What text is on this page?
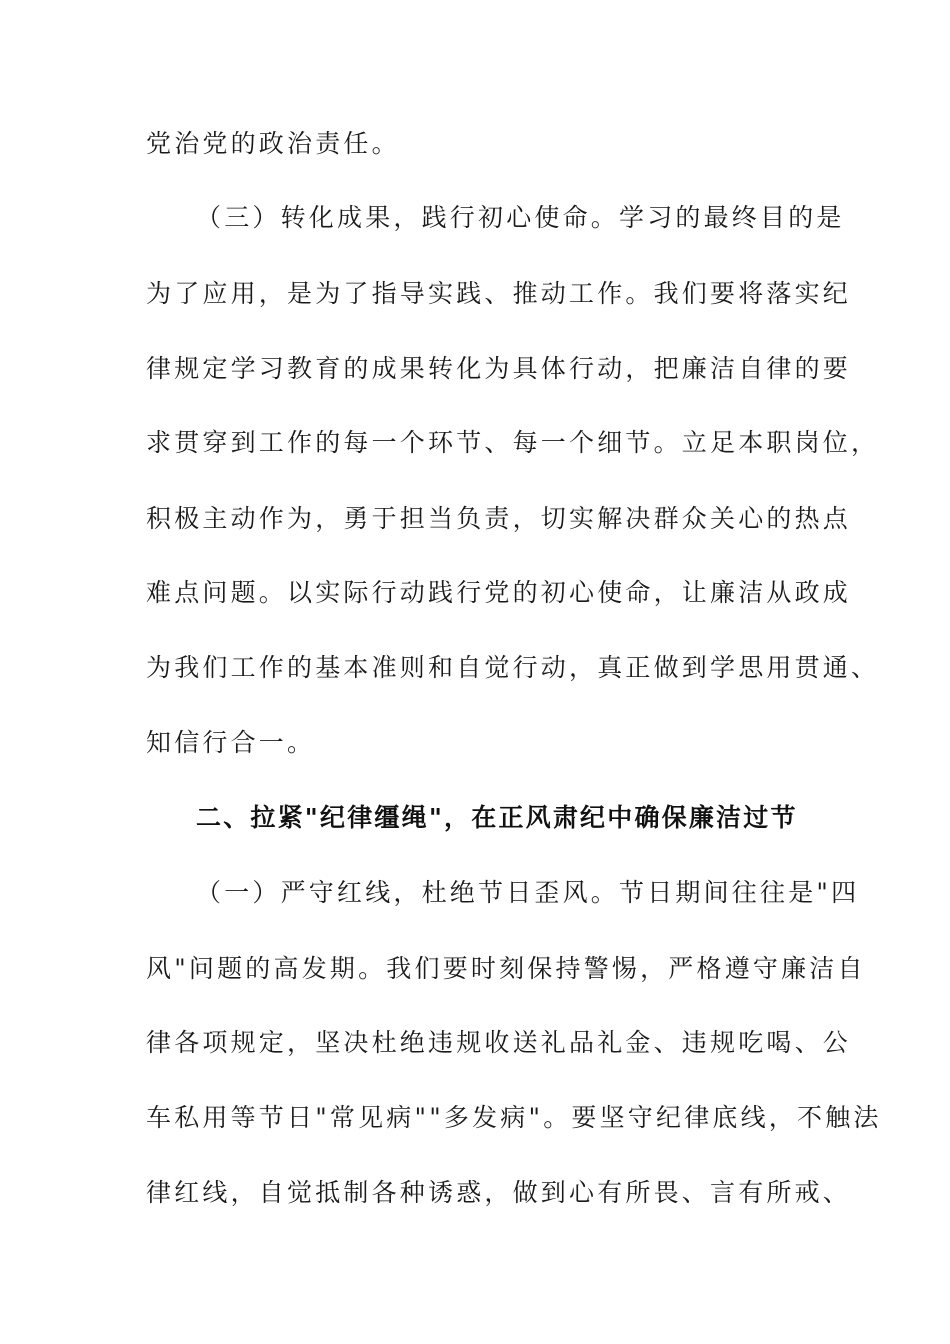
党治党的政治责任。

（三）转化成果，践行初心使命。学习的最终目的是

为了应用，是为了指导实践、推动工作。我们要将落实纪

律规定学习教育的成果转化为具体行动，把廉洁自律的要

求贯穿到工作的每一个环节、每一个细节。立足本职岗位，

积极主动作为，勇于担当负责，切实解决群众关心的热点

难点问题。以实际行动践行党的初心使命，让廉洁从政成

为我们工作的基本准则和自觉行动，真正做到学思用贯通、

知信行合一。

二、拉紧"纪律缰绳"，在正风肃纪中确保廉洁过节

（一）严守红线，杜绝节日歪风。节日期间往往是"四

风"问题的高发期。我们要时刻保持警惕，严格遵守廉洁自

律各项规定，坚决杜绝违规收送礼品礼金、违规吃喝、公

车私用等节日"常见病""多发病"。要坚守纪律底线，不触法

律红线，自觉抵制各种诱惑，做到心有所畏、言有所戒、
